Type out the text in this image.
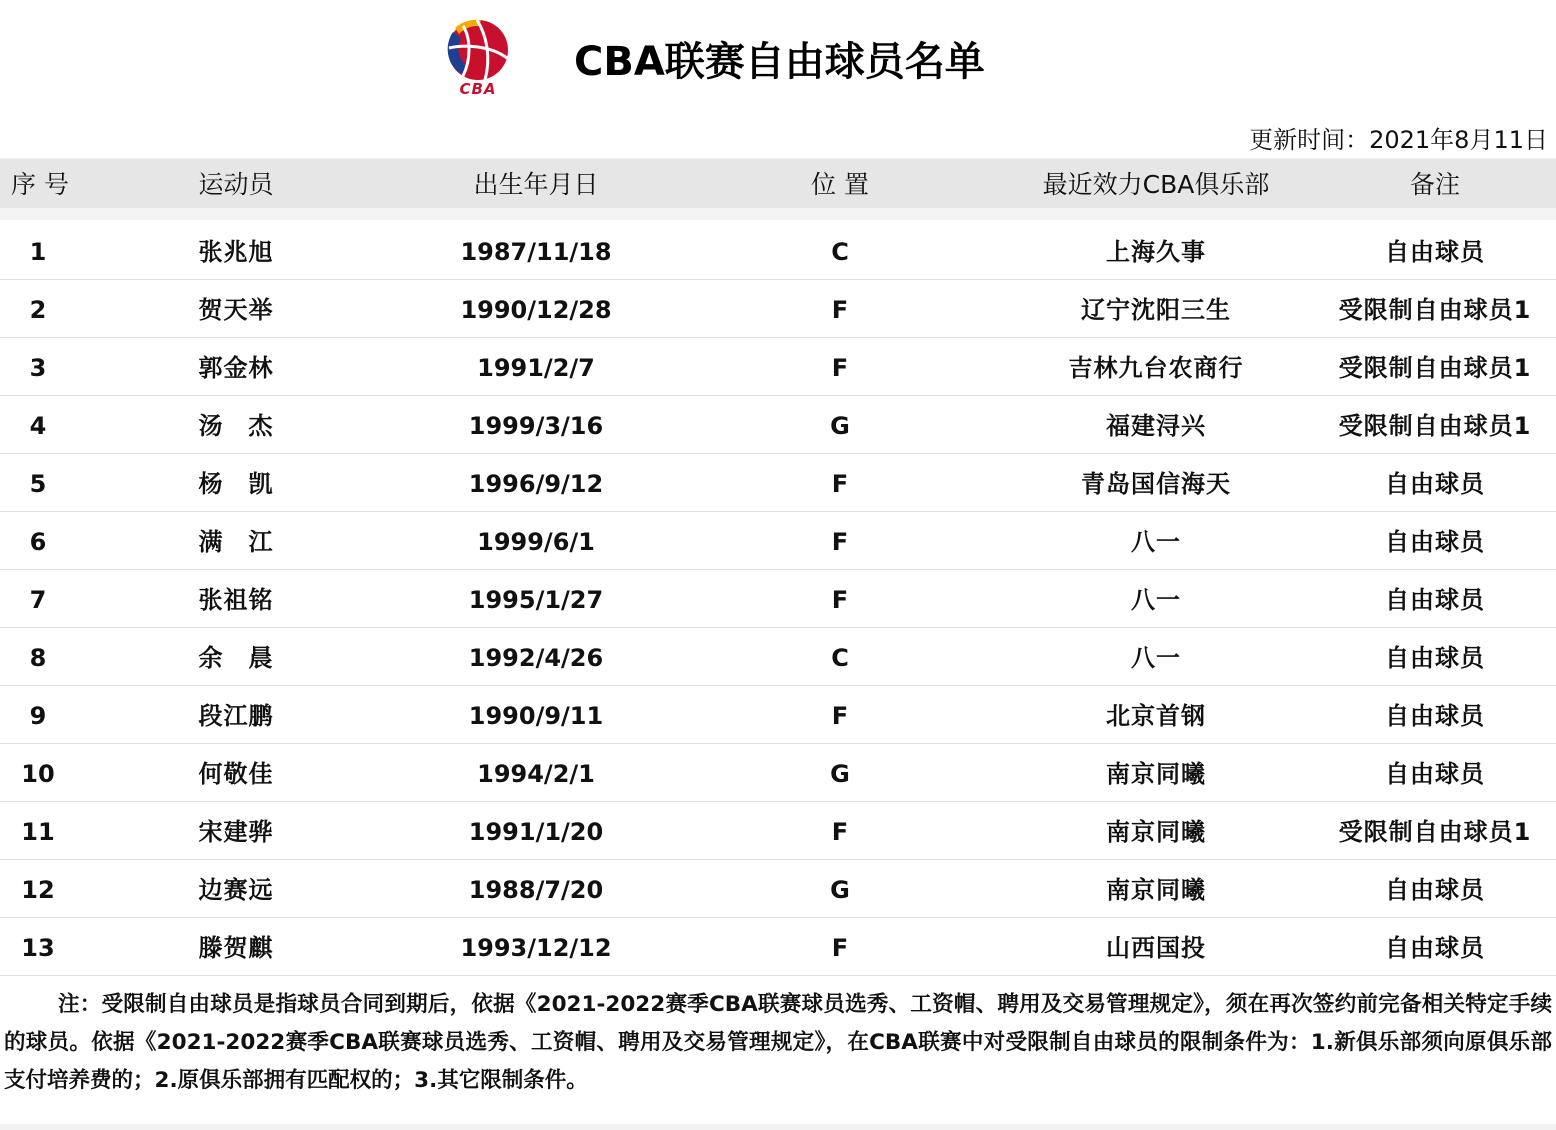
CBA
CBA联赛自由球员名单
更新时间：2021年8月11日
序 号	运动员	出生年月日	位 置	最近效力CBA俱乐部	备注
1	张兆旭	1987/11/18	C	上海久事	自由球员
2	贺天举	1990/12/28	F	辽宁沈阳三生	受限制自由球员1
3	郭金林	1991/2/7	F	吉林九台农商行	受限制自由球员1
4	汤　杰	1999/3/16	G	福建浔兴	受限制自由球员1
5	杨　凯	1996/9/12	F	青岛国信海天	自由球员
6	满　江	1999/6/1	F	八一	自由球员
7	张祖铭	1995/1/27	F	八一	自由球员
8	余　晨	1992/4/26	C	八一	自由球员
9	段江鹏	1990/9/11	F	北京首钢	自由球员
10	何敬佳	1994/2/1	G	南京同曦	自由球员
11	宋建骅	1991/1/20	F	南京同曦	受限制自由球员1
12	边赛远	1988/7/20	G	南京同曦	自由球员
13	滕贺麒	1993/12/12	F	山西国投	自由球员
注：受限制自由球员是指球员合同到期后，依据《2021-2022赛季CBA联赛球员选秀、工资帽、聘用及交易管理规定》，须在再次签约前完备相关特定手续的球员。依据《2021-2022赛季CBA联赛球员选秀、工资帽、聘用及交易管理规定》，在CBA联赛中对受限制自由球员的限制条件为：1.新俱乐部须向原俱乐部支付培养费的；2.原俱乐部拥有匹配权的；3.其它限制条件。
